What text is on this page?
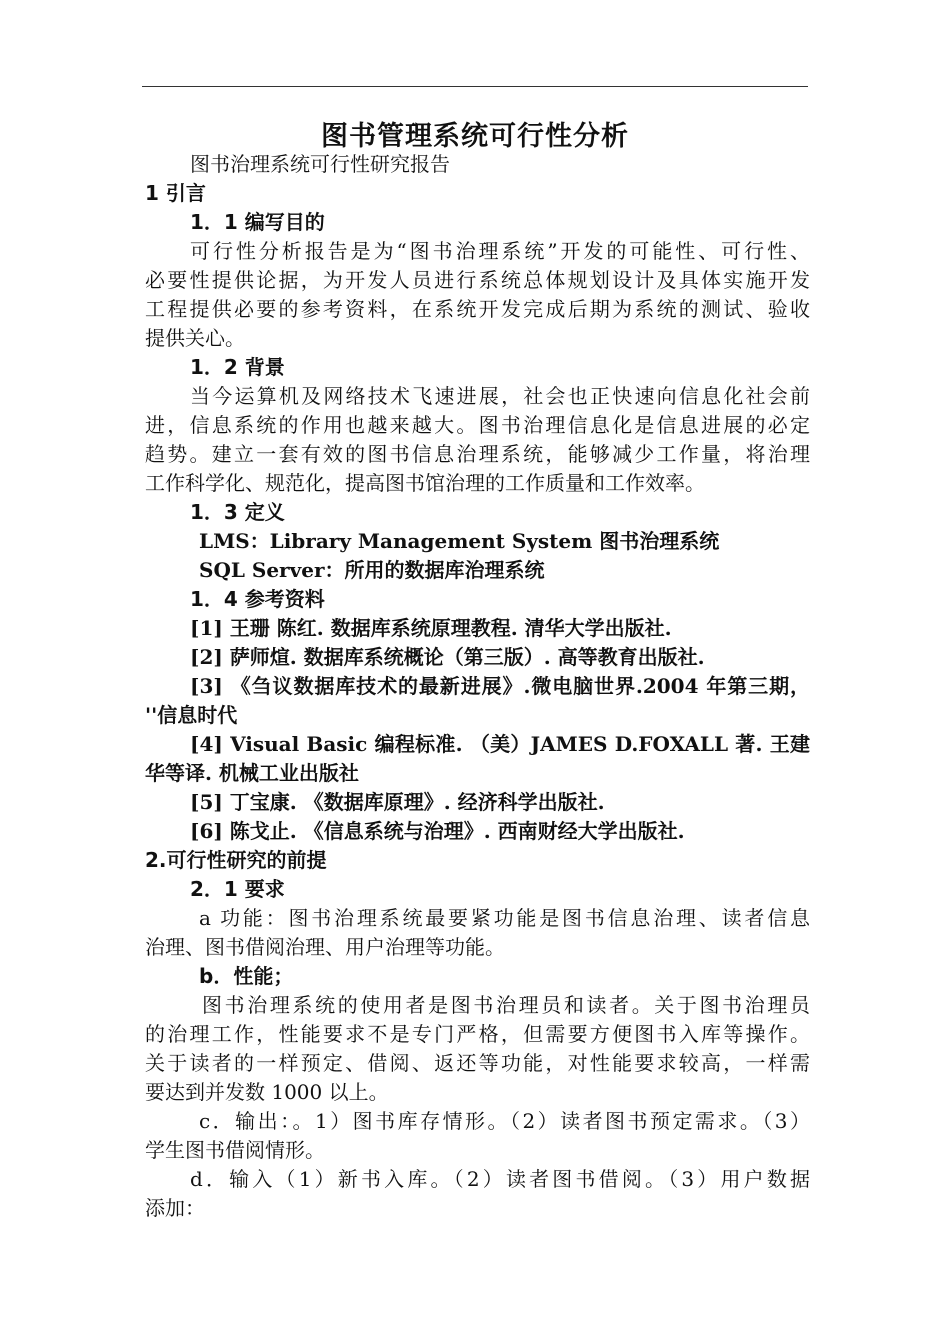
图书管理系统可行性分析
图书治理系统可行性研究报告
1 引言
1．1 编写目的
可行性分析报告是为“图书治理系统”开发的可能性、可行性、
必要性提供论据，为开发人员进行系统总体规划设计及具体实施开发
工程提供必要的参考资料，在系统开发完成后期为系统的测试、验收
提供关心。
1．2 背景
当今运算机及网络技术飞速进展，社会也正快速向信息化社会前
进，信息系统的作用也越来越大。图书治理信息化是信息进展的必定
趋势。建立一套有效的图书信息治理系统，能够减少工作量，将治理
工作科学化、规范化，提高图书馆治理的工作质量和工作效率。
1．3 定义
LMS：Library Management System 图书治理系统
SQL Server：所用的数据库治理系统
1．4 参考资料
[1] 王珊 陈红. 数据库系统原理教程. 清华大学出版社.
[2] 萨师煊. 数据库系统概论（第三版）. 高等教育出版社.
[3] 《刍议数据库技术的最新进展》.微电脑世界.2004 年第三期，
''信息时代
[4] Visual Basic 编程标准. （美）JAMES D.FOXALL 著. 王建
华等译. 机械工业出版社
[5] 丁宝康. 《数据库原理》. 经济科学出版社.
[6] 陈戈止. 《信息系统与治理》. 西南财经大学出版社.
2.可行性研究的前提
2．1 要求
a 功能：图书治理系统最要紧功能是图书信息治理、读者信息
治理、图书借阅治理、用户治理等功能。
b．性能；
图书治理系统的使用者是图书治理员和读者。关于图书治理员
的治理工作，性能要求不是专门严格，但需要方便图书入库等操作。
关于读者的一样预定、借阅、返还等功能，对性能要求较高，一样需
要达到并发数 1000 以上。
c．输出：。1）图书库存情形。（2）读者图书预定需求。（3）
学生图书借阅情形。
d．输入（1）新书入库。（2）读者图书借阅。（3）用户数据
添加：
